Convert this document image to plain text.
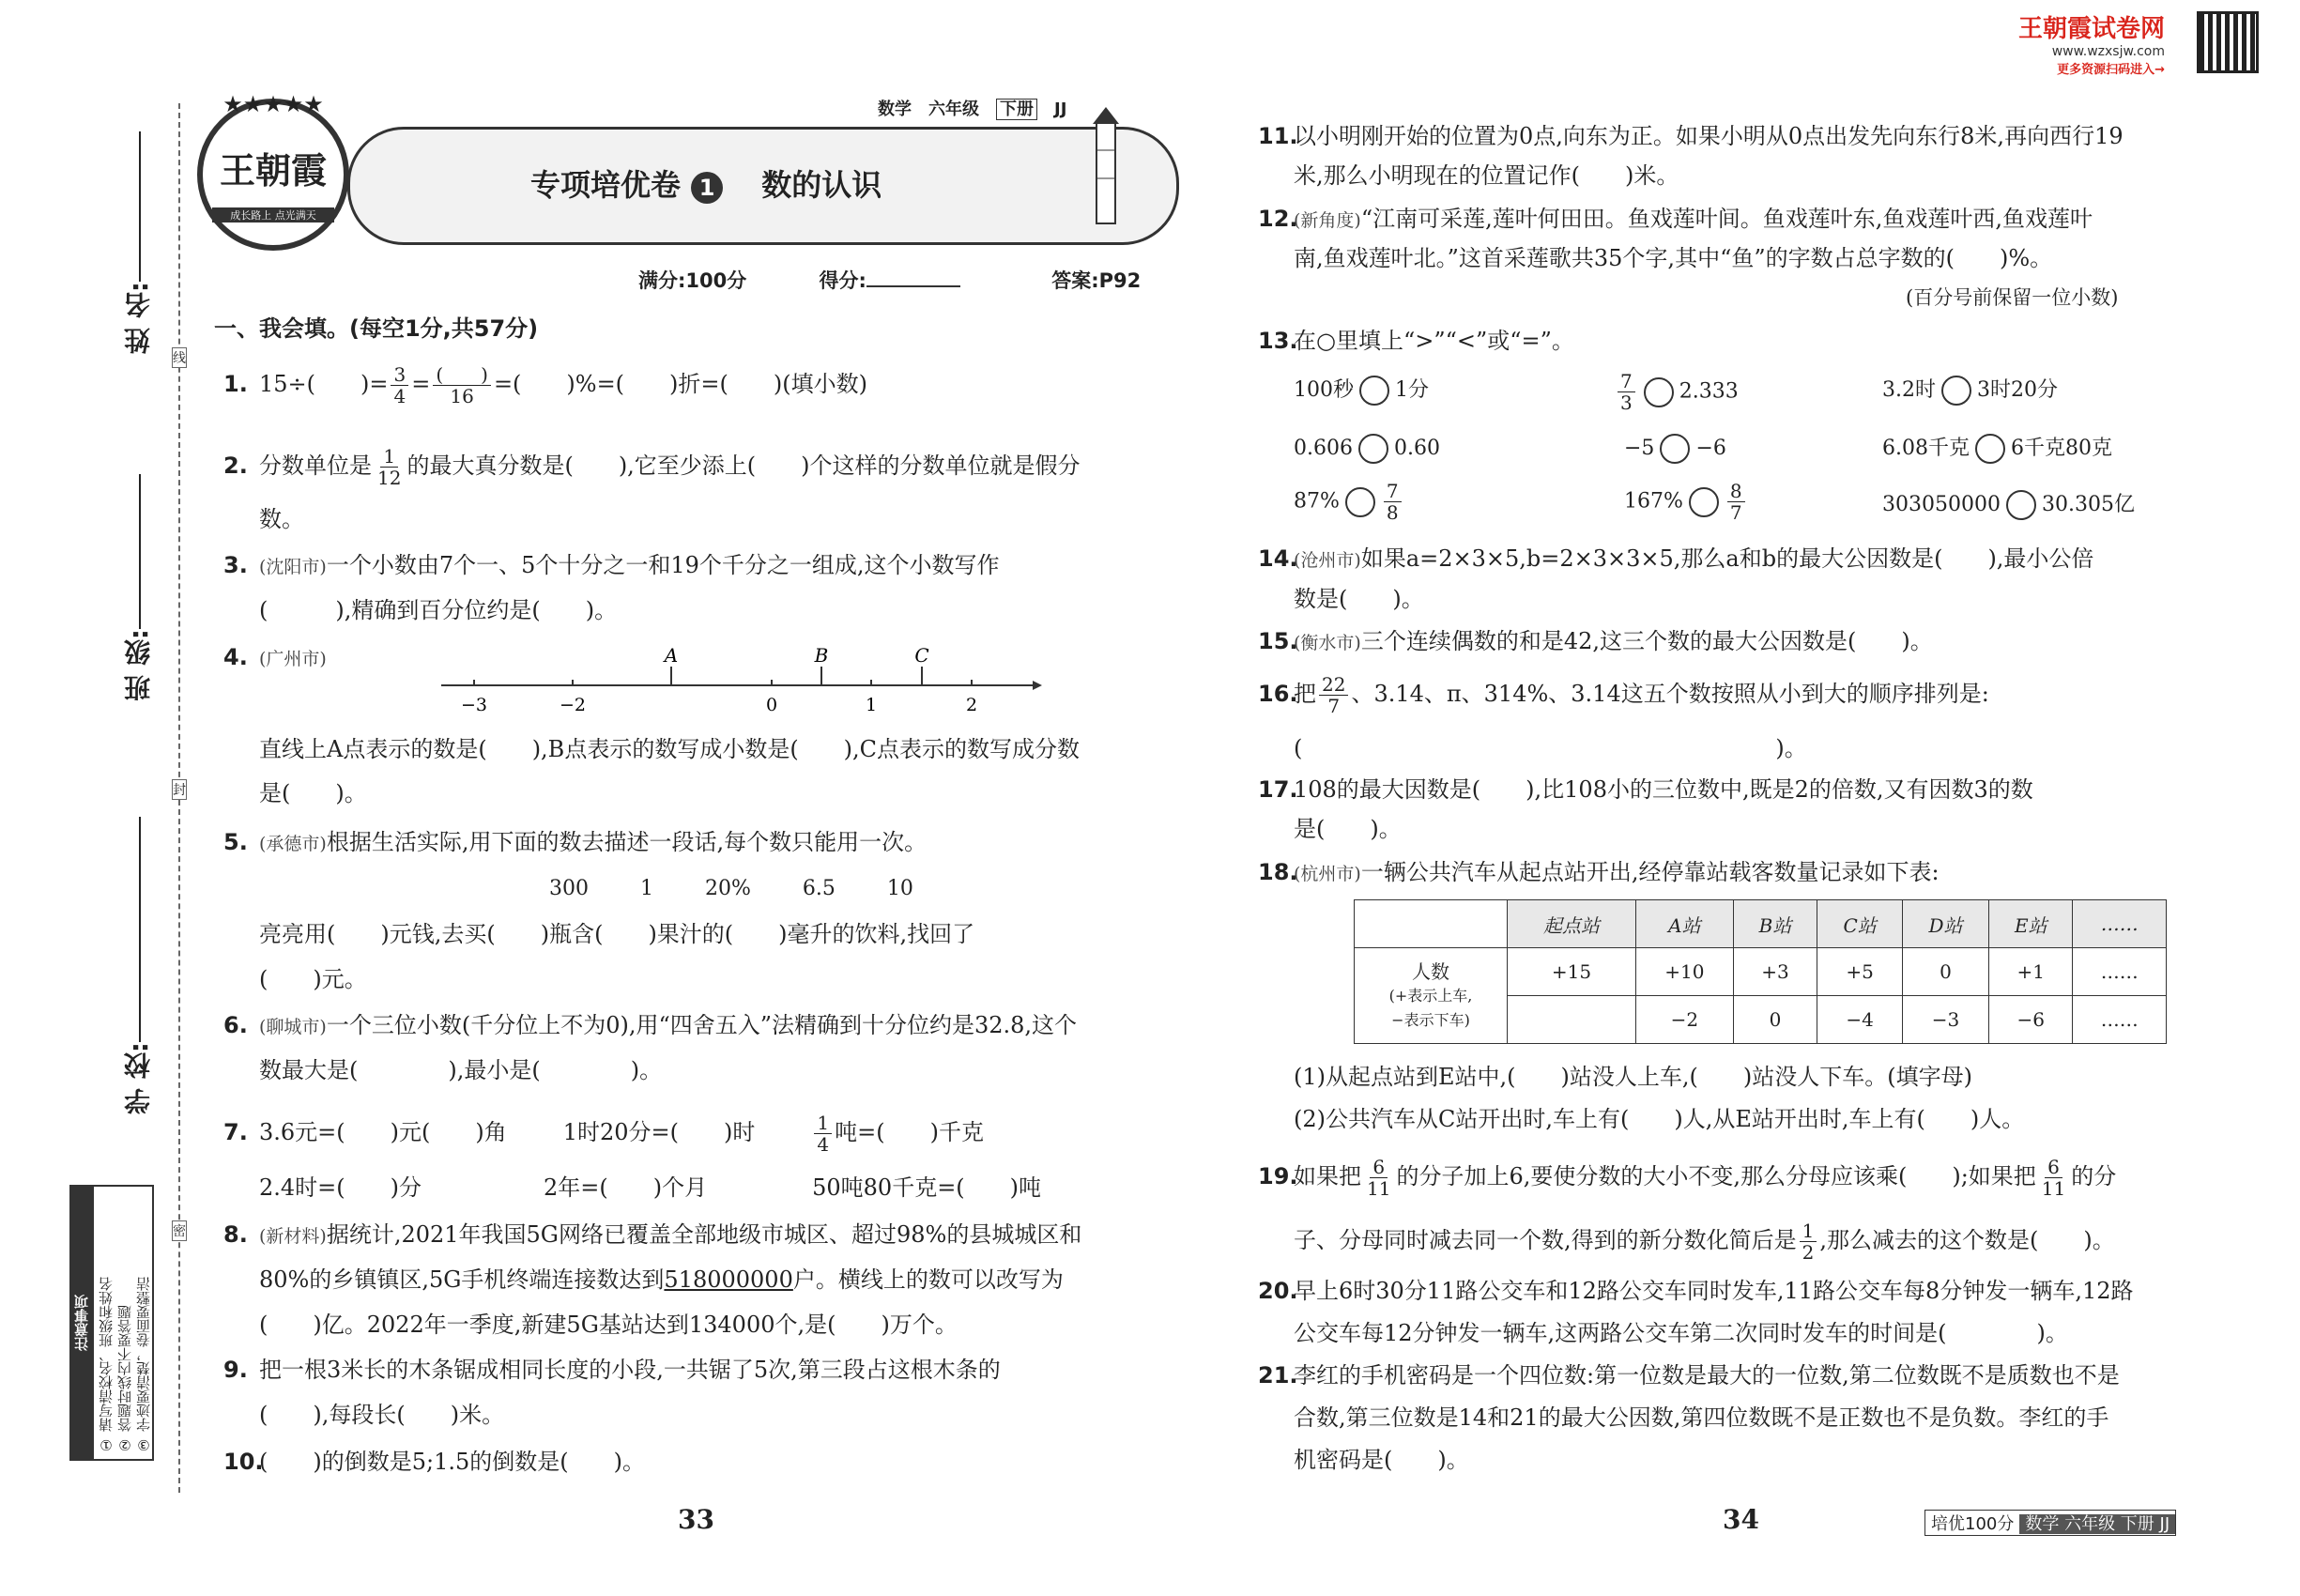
姓 名:
班 级:
学 校:
线
封
密
注意事项 ① 请写清校名、班级和姓名 ② 答题时线内不要答题 ③ 字迹要清楚，卷面要整洁
★★★★★
王朝霞
成长路上 点光满天
专项培优卷 1 数的认识
数学　 六年级　 下册　 JJ
满分:100分	得分:	答案:P92
王朝霞试卷网
www.wzxsjw.com
更多资源扫码进入→
一、我会填。(每空1分,共57分)
1. 15÷(　　)= $\frac{3}{4} = \frac{( )}{16}$ =(　　)%=(　　)折=(　　)(填小数)
2. 分数单位是 $\frac{1}{12}$ 的最大真分数是(　　),它至少添上(　　)个这样的分数单位就是假分
数。
3. (沈阳市)一个小数由7个一、5个十分之一和19个千分之一组成,这个小数写作
(　　　),精确到百分位约是(　　)。
4. (广州市)
−3	−2	0	1	2
A	B	C
直线上A点表示的数是(　　),B点表示的数写成小数是(　　),C点表示的数写成分数
是(　　)。
5. (承德市)根据生活实际,用下面的数去描述一段话,每个数只能用一次。
300	1	20%	6.5	10
亮亮用(　　)元钱,去买(　　)瓶含(　　)果汁的(　　)毫升的饮料,找回了
(　　)元。
6. (聊城市)一个三位小数(千分位上不为0),用“四舍五入”法精确到十分位约是32.8,这个
数最大是(　　　　),最小是(　　　　)。
7. 3.6元=(　　)元(　　)角	1时20分=(　　)时	$\frac{1}{4}$ 吨=(　　)千克
2.4时=(　　)分	2年=(　　)个月	50吨80千克=(　　)吨
8. (新材料)据统计,2021年我国5G网络已覆盖全部地级市城区、超过98%的县城城区和
80%的乡镇镇区,5G手机终端连接数达到518000000户。横线上的数可以改写为
(　　)亿。2022年一季度,新建5G基站达到134000个,是(　　)万个。
9. 把一根3米长的木条锯成相同长度的小段,一共锯了5次,第三段占这根木条的
(　　),每段长(　　)米。
10.(　　)的倒数是5;1.5的倒数是(　　)。
11.以小明刚开始的位置为0点,向东为正。如果小明从0点出发先向东行8米,再向西行19
米,那么小明现在的位置记作(　　)米。
12.(新角度)“江南可采莲,莲叶何田田。鱼戏莲叶间。鱼戏莲叶东,鱼戏莲叶西,鱼戏莲叶
南,鱼戏莲叶北。”这首采莲歌共35个字,其中“鱼”的字数占总字数的(　　)%。
(百分号前保留一位小数)
13.在○里填上“>”“<”或“=”。
100秒 1分	$\frac{7}{3} 2.333$	3.2时 3时20分
0.606 0.60	−5 −6	6.08千克 6千克80克
$87\% \frac{7}{8}$	$167\% \frac{8}{7}$	303050000 30.305亿
14.(沧州市)如果a=2×3×5,b=2×3×3×5,那么a和b的最大公因数是(　　),最小公倍
数是(　　)。
15.(衡水市)三个连续偶数的和是42,这三个数的最大公因数是(　　)。
16.把 $\frac{22}{7}$ 、3.14、π、314%、3.14这五个数按照从小到大的顺序排列是:
(　　　　　　　　　　　　　　　　　　　　　)。
17.108的最大因数是(　　),比108小的三位数中,既是2的倍数,又有因数3的数
是(　　)。
18.(杭州市)一辆公共汽车从起点站开出,经停靠站载客数量记录如下表:
	起点站	A站	B站	C站	D站	E站	……

人数
(+表示上车,
−表示下车)	+15	+10	+3	+5	0	+1	……
		−2	0	−4	−3	−6	……
(1)从起点站到E站中,(　　)站没人上车,(　　)站没人下车。(填字母)
(2)公共汽车从C站开出时,车上有(　　)人,从E站开出时,车上有(　　)人。
19.如果把 $\frac{6}{11}$ 的分子加上6,要使分数的大小不变,那么分母应该乘(　　);如果把 $\frac{6}{11}$ 的分
子、分母同时减去同一个数,得到的新分数化简后是 $\frac{1}{2}$ ,那么减去的这个数是(　　)。
20.早上6时30分11路公交车和12路公交车同时发车,11路公交车每8分钟发一辆车,12路
公交车每12分钟发一辆车,这两路公交车第二次同时发车的时间是(　　　　)。
21.李红的手机密码是一个四位数:第一位数是最大的一位数,第二位数既不是质数也不是
合数,第三位数是14和21的最大公因数,第四位数既不是正数也不是负数。李红的手
机密码是(　　)。
33	34	培优100分 数学 六年级 下册 JJ
